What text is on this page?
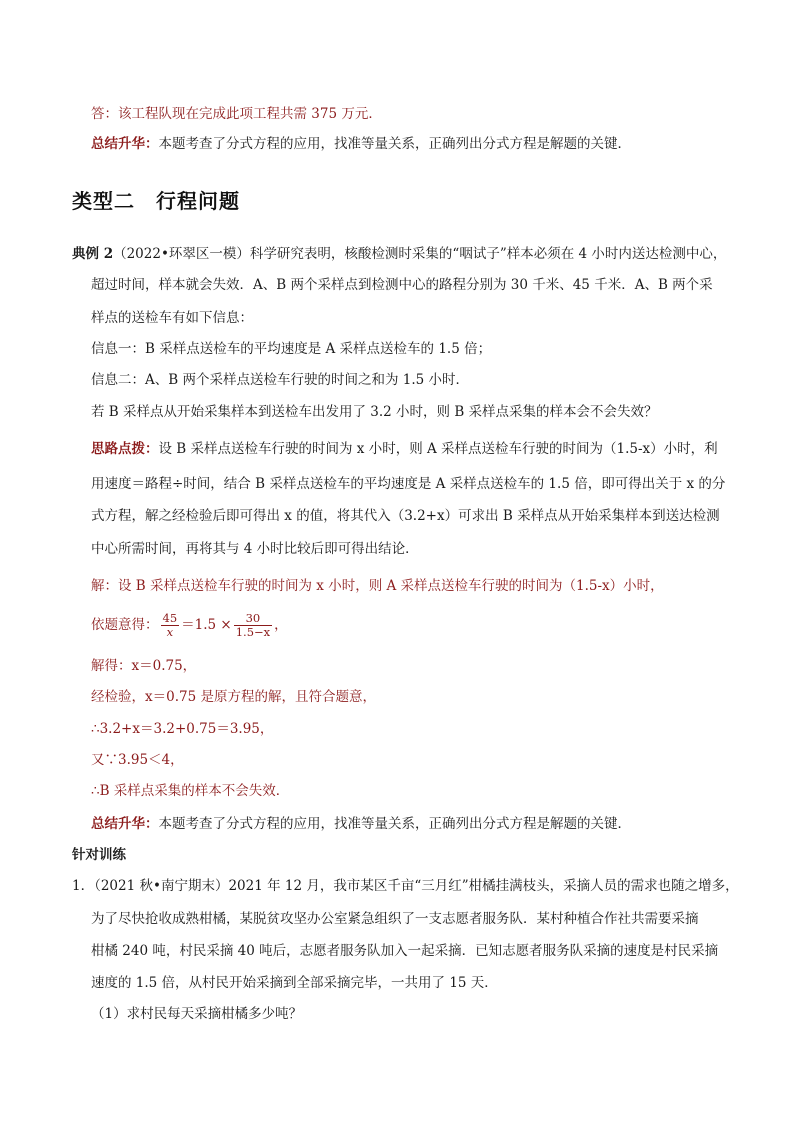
答：该工程队现在完成此项工程共需 375 万元．
总结升华：本题考查了分式方程的应用，找准等量关系，正确列出分式方程是解题的关键．
类型二　行程问题
典例 2（2022•环翠区一模）科学研究表明，核酸检测时采集的“咽试子”样本必须在 4 小时内送达检测中心，
超过时间，样本就会失效．A、B 两个采样点到检测中心的路程分别为 30 千米、45 千米．A、B 两个采
样点的送检车有如下信息：
信息一：B 采样点送检车的平均速度是 A 采样点送检车的 1.5 倍；
信息二：A、B 两个采样点送检车行驶的时间之和为 1.5 小时．
若 B 采样点从开始采集样本到送检车出发用了 3.2 小时，则 B 采样点采集的样本会不会失效？
思路点拨：设 B 采样点送检车行驶的时间为 x 小时，则 A 采样点送检车行驶的时间为（1.5-x）小时，利
用速度＝路程÷时间，结合 B 采样点送检车的平均速度是 A 采样点送检车的 1.5 倍，即可得出关于 x 的分
式方程，解之经检验后即可得出 x 的值，将其代入（3.2+x）可求出 B 采样点从开始采集样本到送达检测
中心所需时间，再将其与 4 小时比较后即可得出结论．
解：设 B 采样点送检车行驶的时间为 x 小时，则 A 采样点送检车行驶的时间为（1.5-x）小时，
依题意得： $\frac{45}{x} =1.5 \times \frac{30}{1.5-x}$ ，
解得：x＝0.75，
经检验，x＝0.75 是原方程的解，且符合题意，
∴3.2+x＝3.2+0.75＝3.95，
又∵3.95＜4，
∴B 采样点采集的样本不会失效．
总结升华：本题考查了分式方程的应用，找准等量关系，正确列出分式方程是解题的关键．
针对训练
1．（2021 秋•南宁期末）2021 年 12 月，我市某区千亩“三月红”柑橘挂满枝头，采摘人员的需求也随之增多，
为了尽快抢收成熟柑橘，某脱贫攻坚办公室紧急组织了一支志愿者服务队．某村种植合作社共需要采摘
柑橘 240 吨，村民采摘 40 吨后，志愿者服务队加入一起采摘．已知志愿者服务队采摘的速度是村民采摘
速度的 1.5 倍，从村民开始采摘到全部采摘完毕，一共用了 15 天．
（1）求村民每天采摘柑橘多少吨？
